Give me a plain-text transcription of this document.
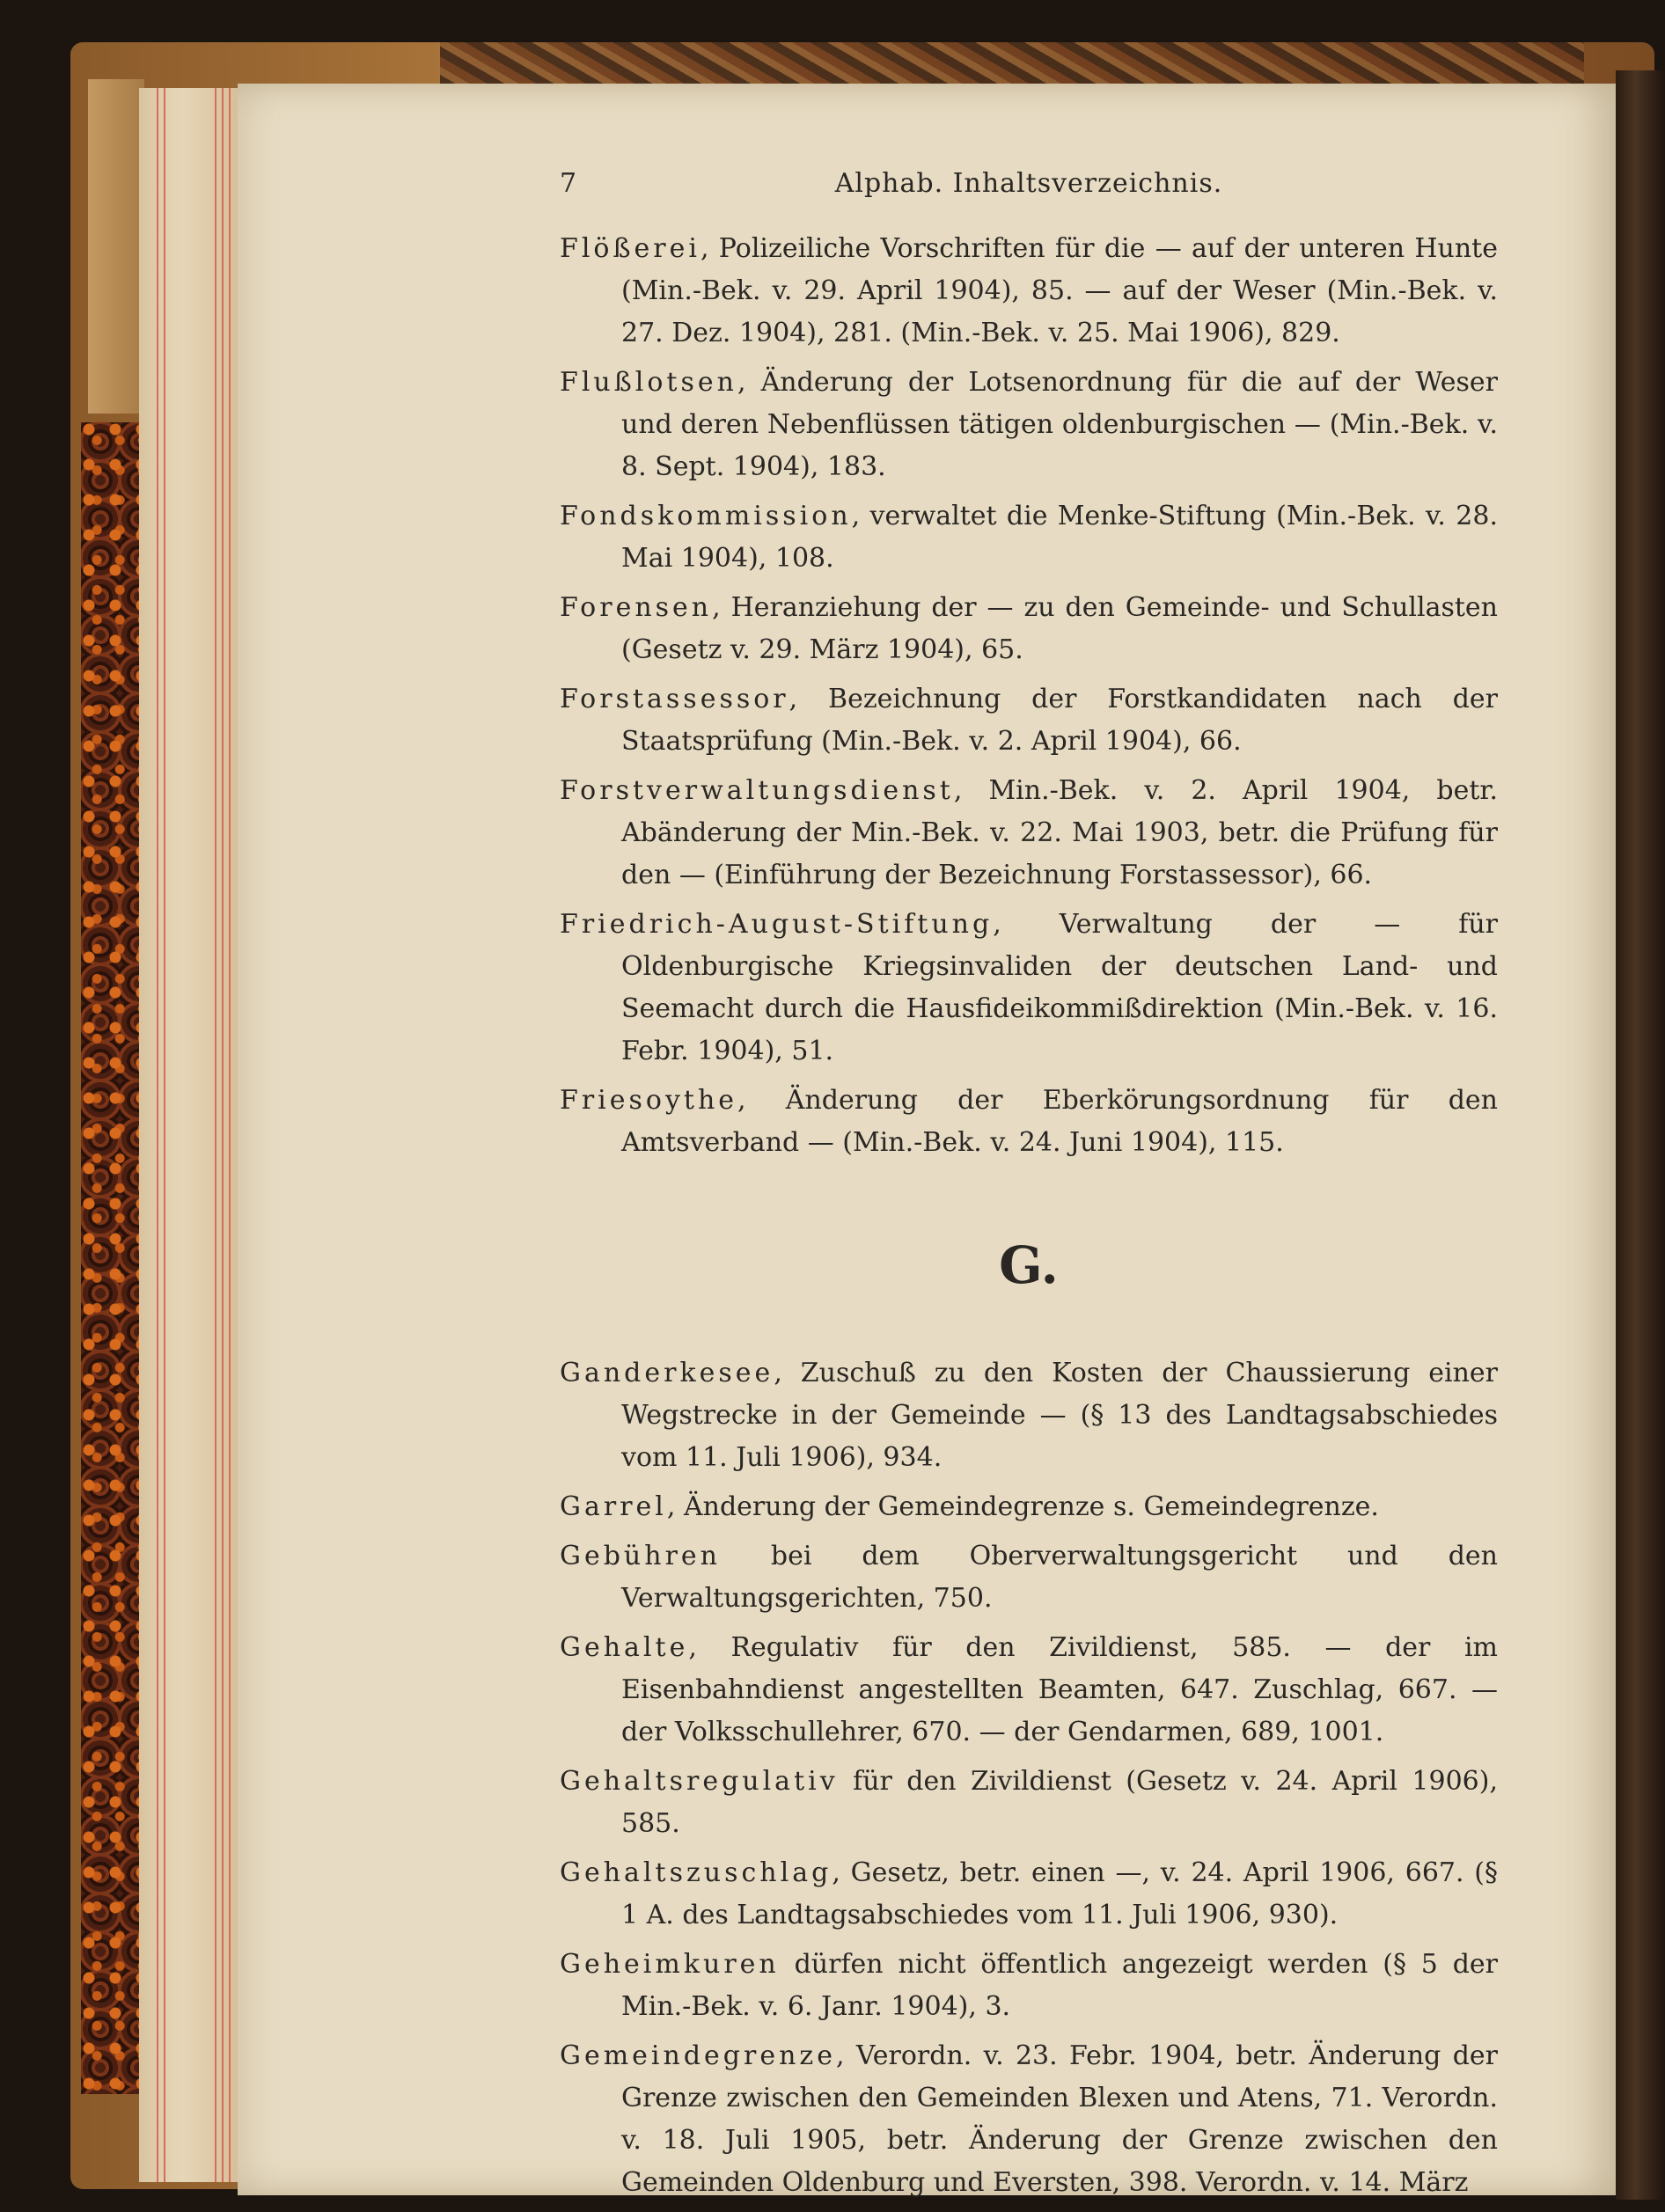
7	Alphab. Inhaltsverzeichnis.

Flößerei, Polizeiliche Vorschriften für die — auf der unteren Hunte (Min.-Bek. v. 29. April 1904), 85. — auf der Weser (Min.-Bek. v. 27. Dez. 1904), 281. (Min.-Bek. v. 25. Mai 1906), 829.

Flußlotsen, Änderung der Lotsenordnung für die auf der Weser und deren Nebenflüssen tätigen oldenburgischen — (Min.-Bek. v. 8. Sept. 1904), 183.

Fondskommission, verwaltet die Menke-Stiftung (Min.-Bek. v. 28. Mai 1904), 108.

Forensen, Heranziehung der — zu den Gemeinde- und Schullasten (Gesetz v. 29. März 1904), 65.

Forstassessor, Bezeichnung der Forstkandidaten nach der Staatsprüfung (Min.-Bek. v. 2. April 1904), 66.

Forstverwaltungsdienst, Min.-Bek. v. 2. April 1904, betr. Abänderung der Min.-Bek. v. 22. Mai 1903, betr. die Prüfung für den — (Einführung der Bezeichnung Forstassessor), 66.

Friedrich-August-Stiftung, Verwaltung der — für Oldenburgische Kriegsinvaliden der deutschen Land- und Seemacht durch die Hausfideikommißdirektion (Min.-Bek. v. 16. Febr. 1904), 51.

Friesoythe, Änderung der Eberkörungsordnung für den Amtsverband — (Min.-Bek. v. 24. Juni 1904), 115.

G.

Ganderkesee, Zuschuß zu den Kosten der Chaussierung einer Wegstrecke in der Gemeinde — (§ 13 des Landtagsabschiedes vom 11. Juli 1906), 934.

Garrel, Änderung der Gemeindegrenze s. Gemeindegrenze.

Gebühren bei dem Oberverwaltungsgericht und den Verwaltungsgerichten, 750.

Gehalte, Regulativ für den Zivildienst, 585. — der im Eisenbahndienst angestellten Beamten, 647. Zuschlag, 667. — der Volksschullehrer, 670. — der Gendarmen, 689, 1001.

Gehaltsregulativ für den Zivildienst (Gesetz v. 24. April 1906), 585.

Gehaltszuschlag, Gesetz, betr. einen —, v. 24. April 1906, 667. (§ 1 A. des Landtagsabschiedes vom 11. Juli 1906, 930).

Geheimkuren dürfen nicht öffentlich angezeigt werden (§ 5 der Min.-Bek. v. 6. Janr. 1904), 3.

Gemeindegrenze, Verordn. v. 23. Febr. 1904, betr. Änderung der Grenze zwischen den Gemeinden Blexen und Atens, 71. Verordn. v. 18. Juli 1905, betr. Änderung der Grenze zwischen den Gemeinden Oldenburg und Eversten, 398. Verordn. v. 14. März
